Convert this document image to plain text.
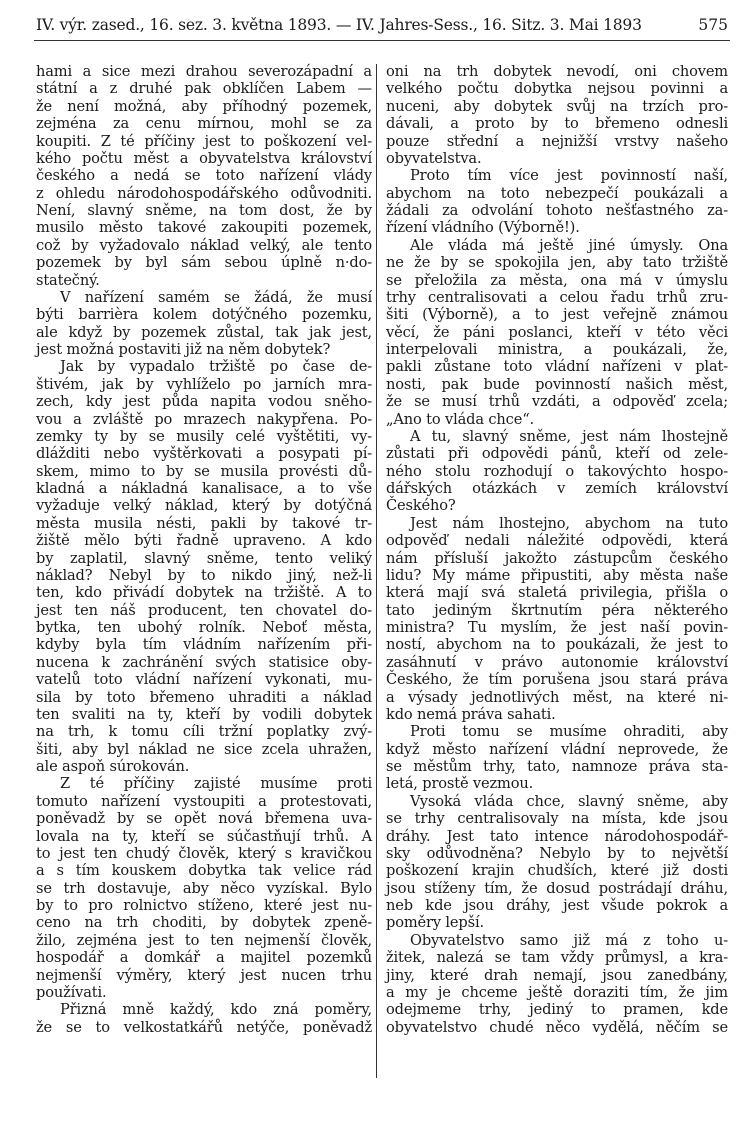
IV. výr. zased., 16. sez. 3. května 1893. — IV. Jahres-Sess., 16. Sitz. 3. Mai 1893	575
hami a sice mezi drahou severozápadní a
státní a z druhé pak obklíčen Labem —
že není možná, aby příhodný pozemek,
zejména za cenu mírnou, mohl se za
koupiti. Z té příčiny jest to poškození vel-
kého počtu měst a obyvatelstva království
českého a nedá se toto nařízení vlády
z ohledu národohospodářského odůvodniti.
Není, slavný sněme, na tom dost, že by
musilo město takové zakoupiti pozemek,
což by vyžadovalo náklad velký, ale tento
pozemek by byl sám sebou úplně n·do-
statečný.
V nařízení samém se žádá, že musí
býti barrièra kolem dotýčného pozemku,
ale když by pozemek zůstal, tak jak jest,
jest možná postaviti již na něm dobytek?
Jak by vypadalo tržiště po čase de-
štivém, jak by vyhlíželo po jarních mra-
zech, kdy jest půda napita vodou sněho-
vou a zvláště po mrazech nakypřena. Po-
zemky ty by se musily celé vyštětiti, vy-
dlážditi nebo vyštěrkovati a posypati pí-
skem, mimo to by se musila provésti dů-
kladná a nákladná kanalisace, a to vše
vyžaduje velký náklad, který by dotýčná
města musila nésti, pakli by takové tr-
žiště mělo býti řadně upraveno. A kdo
by zaplatil, slavný sněme, tento veliký
náklad? Nebyl by to nikdo jiný, než-li
ten, kdo přivádí dobytek na tržiště. A to
jest ten náš producent, ten chovatel do-
bytka, ten ubohý rolník. Neboť města,
kdyby byla tím vládním nařízením při-
nucena k zachránění svých statisice oby-
vatelů toto vládní nařízení vykonati, mu-
sila by toto břemeno uhraditi a náklad
ten svaliti na ty, kteří by vodili dobytek
na trh, k tomu cíli tržní poplatky zvý-
šiti, aby byl náklad ne sice zcela uhražen,
ale aspoň súrokován.
Z té příčiny zajisté musíme proti
tomuto nařízení vystoupiti a protestovati,
poněvadž by se opět nová břemena uva-
lovala na ty, kteří se súčastňují trhů. A
to jest ten chudý člověk, který s kravičkou
a s tím kouskem dobytka tak velice rád
se trh dostavuje, aby něco vyzískal. Bylo
by to pro rolnictvo stíženo, které jest nu-
ceno na trh choditi, by dobytek zpeně-
žilo, zejména jest to ten nejmenší člověk,
hospodář a domkář a majitel pozemků
nejmenší výměry, který jest nucen trhu
používati.
Přizná mně každý, kdo zná poměry,
že se to velkostatkářů netýče, poněvadž
oni na trh dobytek nevodí, oni chovem
velkého počtu dobytka nejsou povinni a
nuceni, aby dobytek svůj na trzích pro-
dávali, a proto by to břemeno odnesli
pouze střední a nejnižší vrstvy našeho
obyvatelstva.
Proto tím více jest povinností naší,
abychom na toto nebezpečí poukázali a
žádali za odvolání tohoto nešťastného za-
řízení vládního (Výborně!).
Ale vláda má ještě jiné úmysly. Ona
ne že by se spokojila jen, aby tato tržiště
se přeložila za města, ona má v úmyslu
trhy centralisovati a celou řadu trhů zru-
šiti (Výborně), a to jest veřejně známou
věcí, že páni poslanci, kteří v této věci
interpelovali ministra, a poukázali, že,
pakli zůstane toto vládní nařízeni v plat-
nosti, pak bude povinností našich měst,
že se musí trhů vzdáti, a odpověď zcela;
„Ano to vláda chce“.
A tu, slavný sněme, jest nám lhostejně
zůstati při odpovědi pánů, kteří od zele-
ného stolu rozhodují o takovýchto hospo-
dářských otázkách v zemích království
Českého?
Jest nám lhostejno, abychom na tuto
odpověď nedali náležité odpovědi, která
nám přísluší jakožto zástupcům českého
lidu? My máme připustiti, aby města naše
která mají svá staletá privilegia, přišla o
tato jediným škrtnutím péra některého
ministra? Tu myslím, že jest naší povin-
ností, abychom na to poukázali, že jest to
zasáhnutí v právo autonomie království
Českého, že tím porušena jsou stará práva
a výsady jednotlivých měst, na které ni-
kdo nemá práva sahati.
Proti tomu se musíme ohraditi, aby
když město nařízení vládní neprovede, že
se městům trhy, tato, namnoze práva sta-
letá, prostě vezmou.
Vysoká vláda chce, slavný sněme, aby
se trhy centralisovaly na místa, kde jsou
dráhy. Jest tato intence národohospodář-
sky odůvodněna? Nebylo by to největší
poškození krajin chudších, které již dosti
jsou stíženy tím, že dosud postrádají dráhu,
neb kde jsou dráhy, jest všude pokrok a
poměry lepší.
Obyvatelstvo samo již má z toho u-
žitek, nalezá se tam vždy průmysl, a kra-
jiny, které drah nemají, jsou zanedbány,
a my je chceme ještě doraziti tím, že jim
odejmeme trhy, jediný to pramen, kde
obyvatelstvo chudé něco vydělá, něčím se
